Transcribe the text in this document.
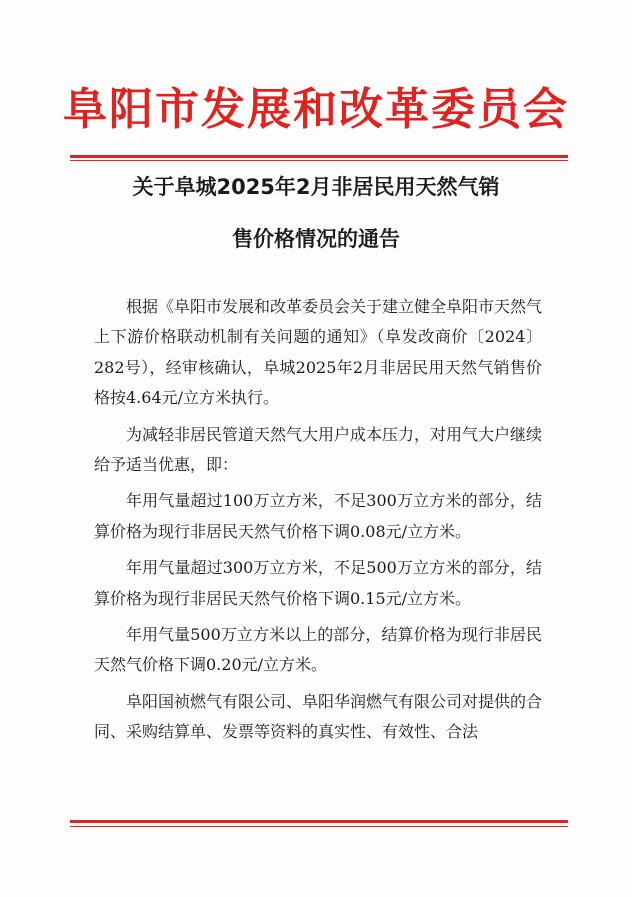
阜阳市发展和改革委员会
关于阜城2025年2月非居民用天然气销
售价格情况的通告

根据《阜阳市发展和改革委员会关于建立健全阜阳市天然气上下游价格联动机制有关问题的通知》（阜发改商价〔2024〕282号），经审核确认，阜城2025年2月非居民用天然气销售价格按4.64元/立方米执行。

为减轻非居民管道天然气大用户成本压力，对用气大户继续给予适当优惠，即：

年用气量超过100万立方米，不足300万立方米的部分，结算价格为现行非居民天然气价格下调0.08元/立方米。

年用气量超过300万立方米，不足500万立方米的部分，结算价格为现行非居民天然气价格下调0.15元/立方米。

年用气量500万立方米以上的部分，结算价格为现行非居民天然气价格下调0.20元/立方米。

阜阳国祯燃气有限公司、阜阳华润燃气有限公司对提供的合同、采购结算单、发票等资料的真实性、有效性、合法
